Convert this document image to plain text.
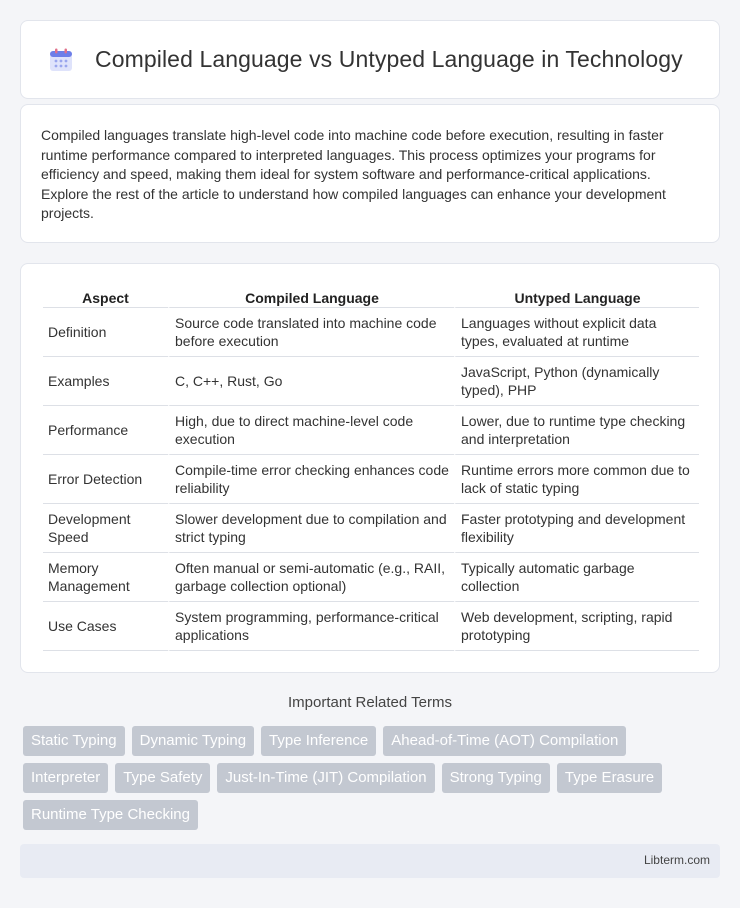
Compiled Language vs Untyped Language in Technology

Compiled languages translate high-level code into machine code before execution, resulting in faster runtime performance compared to interpreted languages. This process optimizes your programs for efficiency and speed, making them ideal for system software and performance-critical applications. Explore the rest of the article to understand how compiled languages can enhance your development projects.

Aspect	Compiled Language	Untyped Language
Definition	Source code translated into machine code before execution	Languages without explicit data types, evaluated at runtime
Examples	C, C++, Rust, Go	JavaScript, Python (dynamically typed), PHP
Performance	High, due to direct machine-level code execution	Lower, due to runtime type checking and interpretation
Error Detection	Compile-time error checking enhances code reliability	Runtime errors more common due to lack of static typing
Development Speed	Slower development due to compilation and strict typing	Faster prototyping and development flexibility
Memory Management	Often manual or semi-automatic (e.g., RAII, garbage collection optional)	Typically automatic garbage collection
Use Cases	System programming, performance-critical applications	Web development, scripting, rapid prototyping
Important Related Terms
Static Typing	Dynamic Typing	Type Inference	Ahead-of-Time (AOT) Compilation
Interpreter	Type Safety	Just-In-Time (JIT) Compilation	Strong Typing	Type Erasure
Runtime Type Checking
Libterm.com
